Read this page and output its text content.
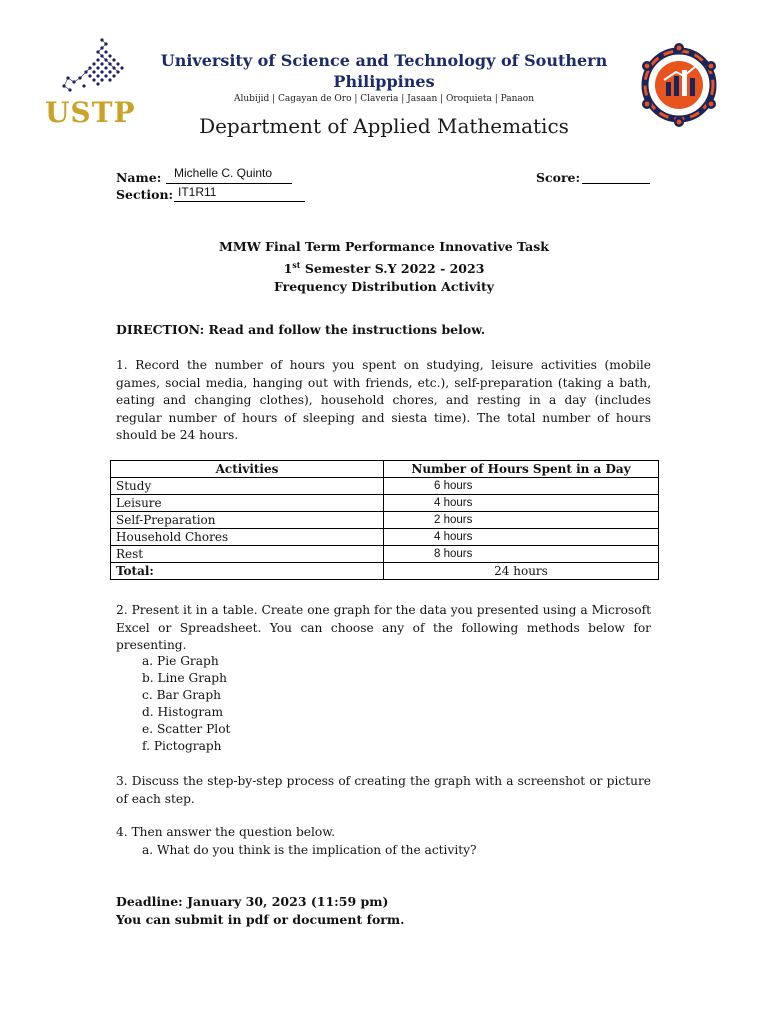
USTP
University of Science and Technology of Southern Philippines
Alubijid | Cagayan de Oro | Claveria | Jasaan | Oroquieta | Panaon
Department of Applied Mathematics
Name: Michelle C. Quinto
Section: IT1R11
Score:
MMW Final Term Performance Innovative Task
1st Semester S.Y 2022 - 2023
Frequency Distribution Activity
DIRECTION: Read and follow the instructions below.
1. Record the number of hours you spent on studying, leisure activities (mobile games, social media, hanging out with friends, etc.), self-preparation (taking a bath, eating and changing clothes), household chores, and resting in a day (includes regular number of hours of sleeping and siesta time). The total number of hours should be 24 hours.
Activities	Number of Hours Spent in a Day
Study	6 hours
Leisure	4 hours
Self-Preparation	2 hours
Household Chores	4 hours
Rest	8 hours
Total:	24 hours
2. Present it in a table. Create one graph for the data you presented using a Microsoft Excel or Spreadsheet. You can choose any of the following methods below for presenting.
a. Pie Graph
b. Line Graph
c. Bar Graph
d. Histogram
e. Scatter Plot
f. Pictograph
3. Discuss the step-by-step process of creating the graph with a screenshot or picture of each step.
4. Then answer the question below.
a. What do you think is the implication of the activity?
Deadline: January 30, 2023 (11:59 pm)
You can submit in pdf or document form.
